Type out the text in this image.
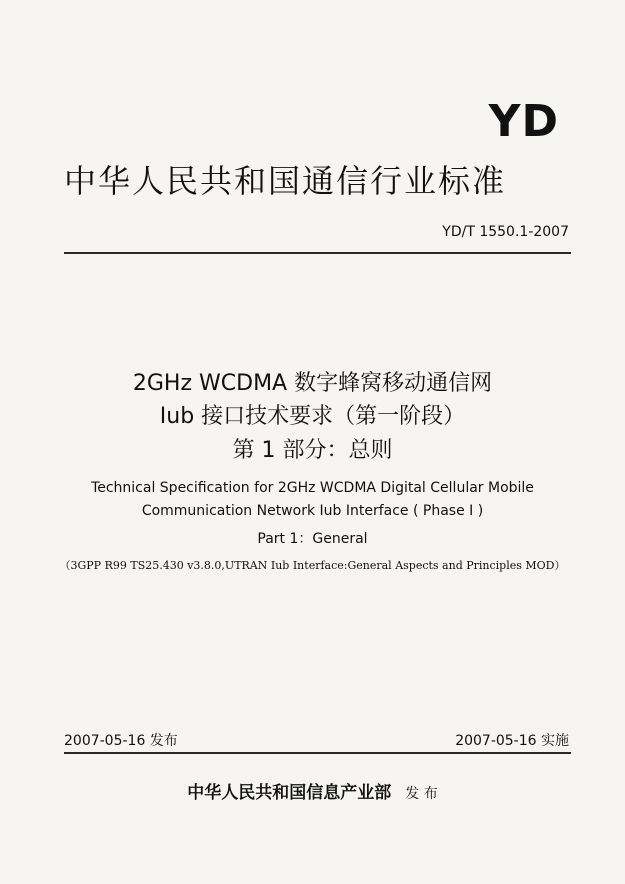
YD
中华人民共和国通信行业标准
YD/T 1550.1-2007
2GHz WCDMA 数字蜂窝移动通信网
Iub 接口技术要求（第一阶段）
第 1 部分：总则
Technical Specification for 2GHz WCDMA Digital Cellular Mobile
Communication Network Iub Interface ( Phase I )
Part 1：General
（3GPP R99 TS25.430 v3.8.0,UTRAN Iub Interface:General Aspects and Principles MOD）
2007-05-16 发布	2007-05-16 实施
中华人民共和国信息产业部 发 布
